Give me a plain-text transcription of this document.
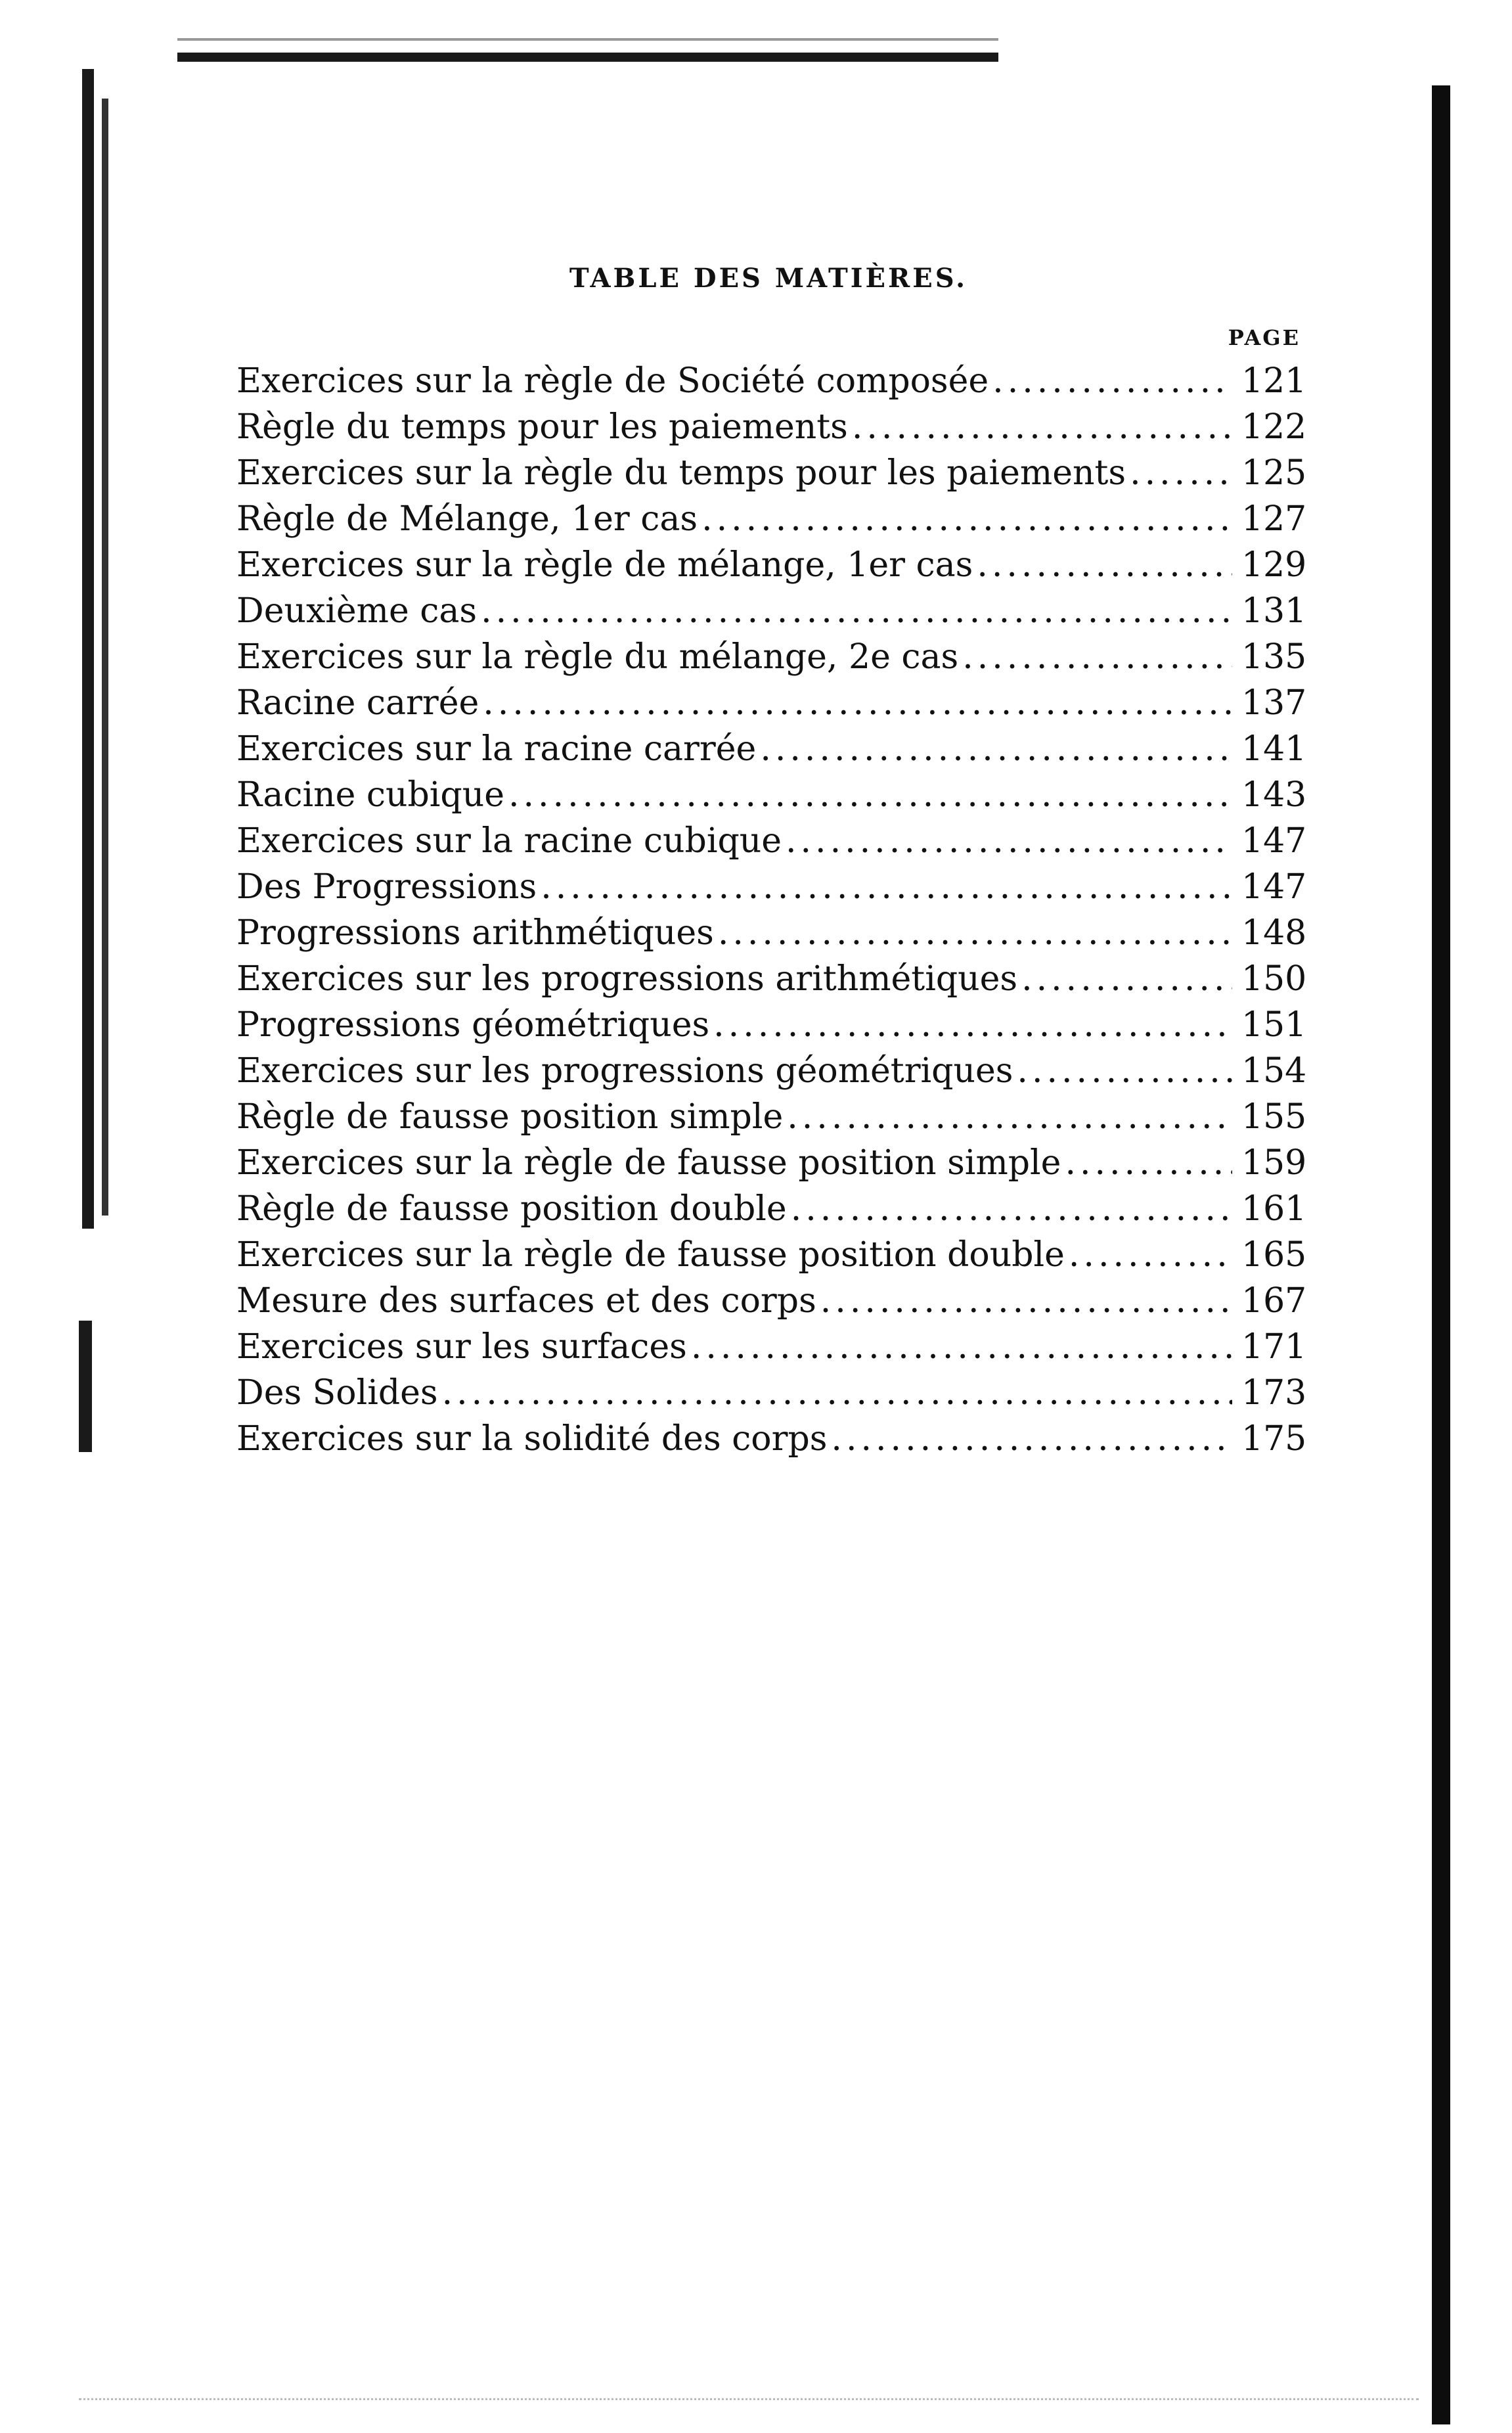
TABLE DES MATIÈRES.
PAGE
Exercices sur la règle de Société composée .....	121
Règle du temps pour les paiements .....	122
Exercices sur la règle du temps pour les paiements .....	125
Règle de Mélange, 1er cas .....	127
Exercices sur la règle de mélange, 1er cas .....	129
Deuxième cas .....	131
Exercices sur la règle du mélange, 2e cas .....	135
Racine carrée .....	137
Exercices sur la racine carrée .....	141
Racine cubique .....	143
Exercices sur la racine cubique .....	147
Des Progressions .....	147
Progressions arithmétiques .....	148
Exercices sur les progressions arithmétiques .....	150
Progressions géométriques .....	151
Exercices sur les progressions géométriques .....	154
Règle de fausse position simple .....	155
Exercices sur la règle de fausse position simple .....	159
Règle de fausse position double .....	161
Exercices sur la règle de fausse position double .....	165
Mesure des surfaces et des corps .....	167
Exercices sur les surfaces .....	171
Des Solides .....	173
Exercices sur la solidité des corps .....	175
